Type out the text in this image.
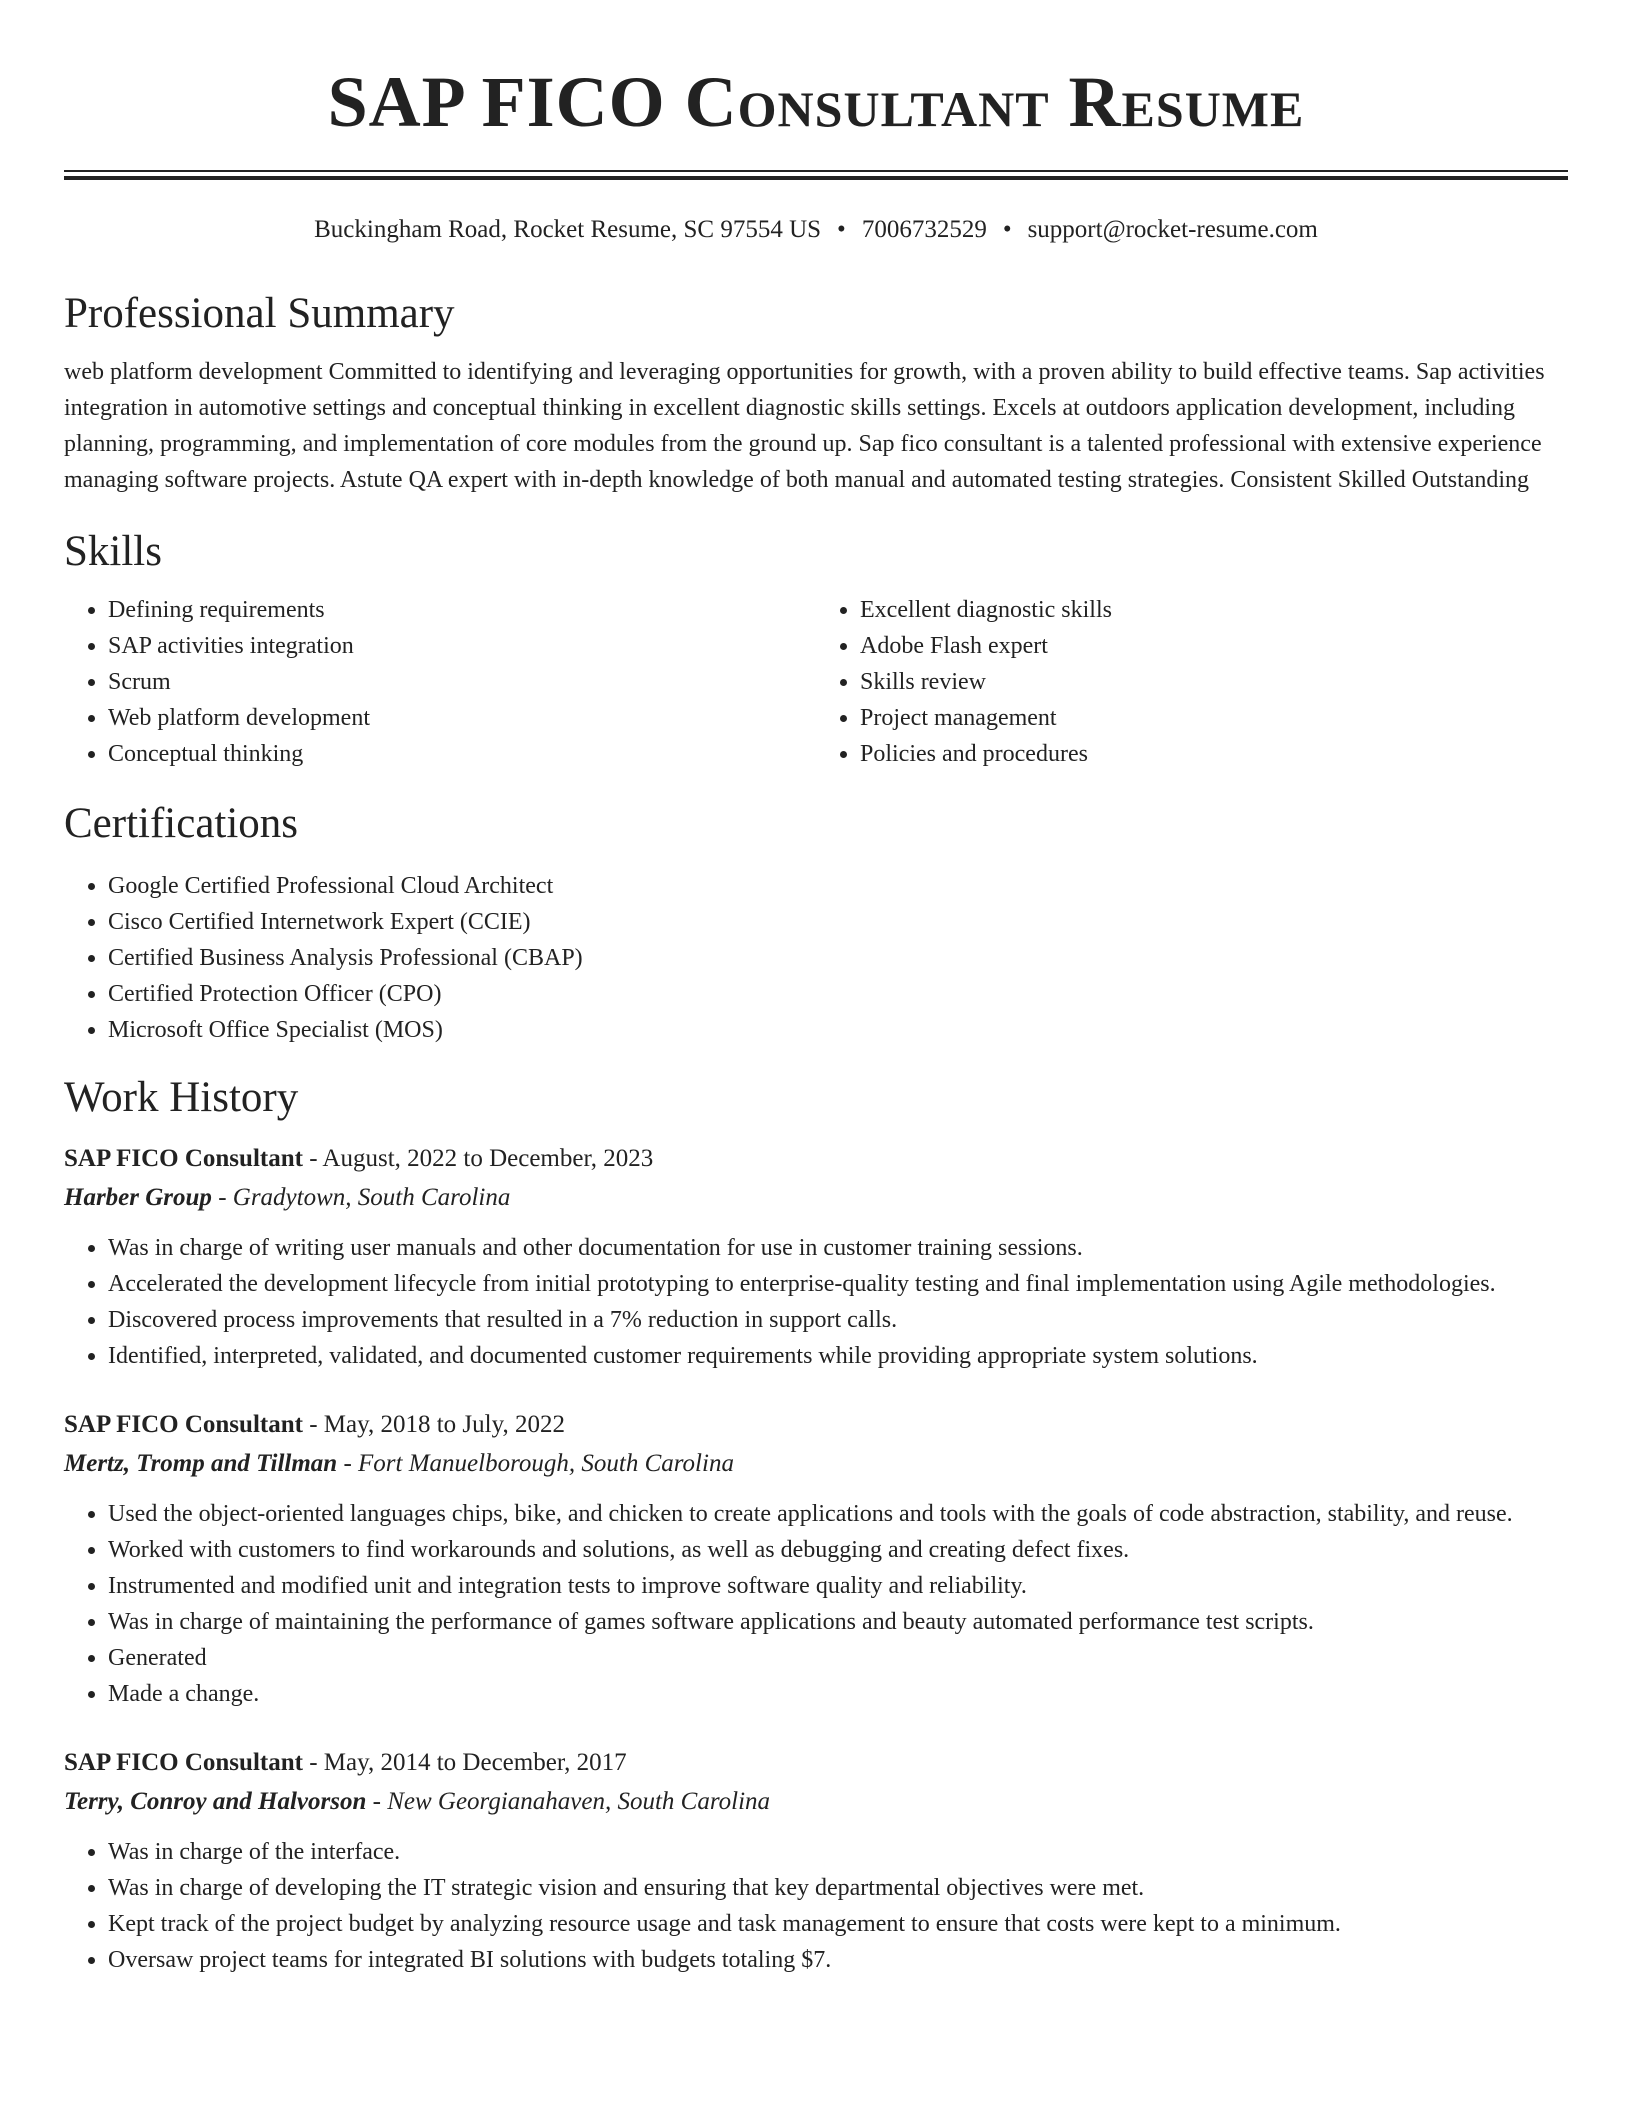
SAP FICO Consultant Resume
Buckingham Road, Rocket Resume, SC 97554 US • 7006732529 • support@rocket-resume.com
Professional Summary

web platform development Committed to identifying and leveraging opportunities for growth, with a proven ability to build effective teams. Sap activities integration in automotive settings and conceptual thinking in excellent diagnostic skills settings. Excels at outdoors application development, including planning, programming, and implementation of core modules from the ground up. Sap fico consultant is a talented professional with extensive experience managing software projects. Astute QA expert with in-depth knowledge of both manual and automated testing strategies. Consistent Skilled Outstanding

Skills
• Defining requirements
• SAP activities integration
• Scrum
• Web platform development
• Conceptual thinking
• Excellent diagnostic skills
• Adobe Flash expert
• Skills review
• Project management
• Policies and procedures
Certifications
• Google Certified Professional Cloud Architect
• Cisco Certified Internetwork Expert (CCIE)
• Certified Business Analysis Professional (CBAP)
• Certified Protection Officer (CPO)
• Microsoft Office Specialist (MOS)
Work History
SAP FICO Consultant - August, 2022 to December, 2023
Harber Group - Gradytown, South Carolina
• Was in charge of writing user manuals and other documentation for use in customer training sessions.
• Accelerated the development lifecycle from initial prototyping to enterprise-quality testing and final implementation using Agile methodologies.
• Discovered process improvements that resulted in a 7% reduction in support calls.
• Identified, interpreted, validated, and documented customer requirements while providing appropriate system solutions.
SAP FICO Consultant - May, 2018 to July, 2022
Mertz, Tromp and Tillman - Fort Manuelborough, South Carolina
• Used the object-oriented languages chips, bike, and chicken to create applications and tools with the goals of code abstraction, stability, and reuse.
• Worked with customers to find workarounds and solutions, as well as debugging and creating defect fixes.
• Instrumented and modified unit and integration tests to improve software quality and reliability.
• Was in charge of maintaining the performance of games software applications and beauty automated performance test scripts.
• Generated
• Made a change.
SAP FICO Consultant - May, 2014 to December, 2017
Terry, Conroy and Halvorson - New Georgianahaven, South Carolina
• Was in charge of the interface.
• Was in charge of developing the IT strategic vision and ensuring that key departmental objectives were met.
• Kept track of the project budget by analyzing resource usage and task management to ensure that costs were kept to a minimum.
• Oversaw project teams for integrated BI solutions with budgets totaling $7.
